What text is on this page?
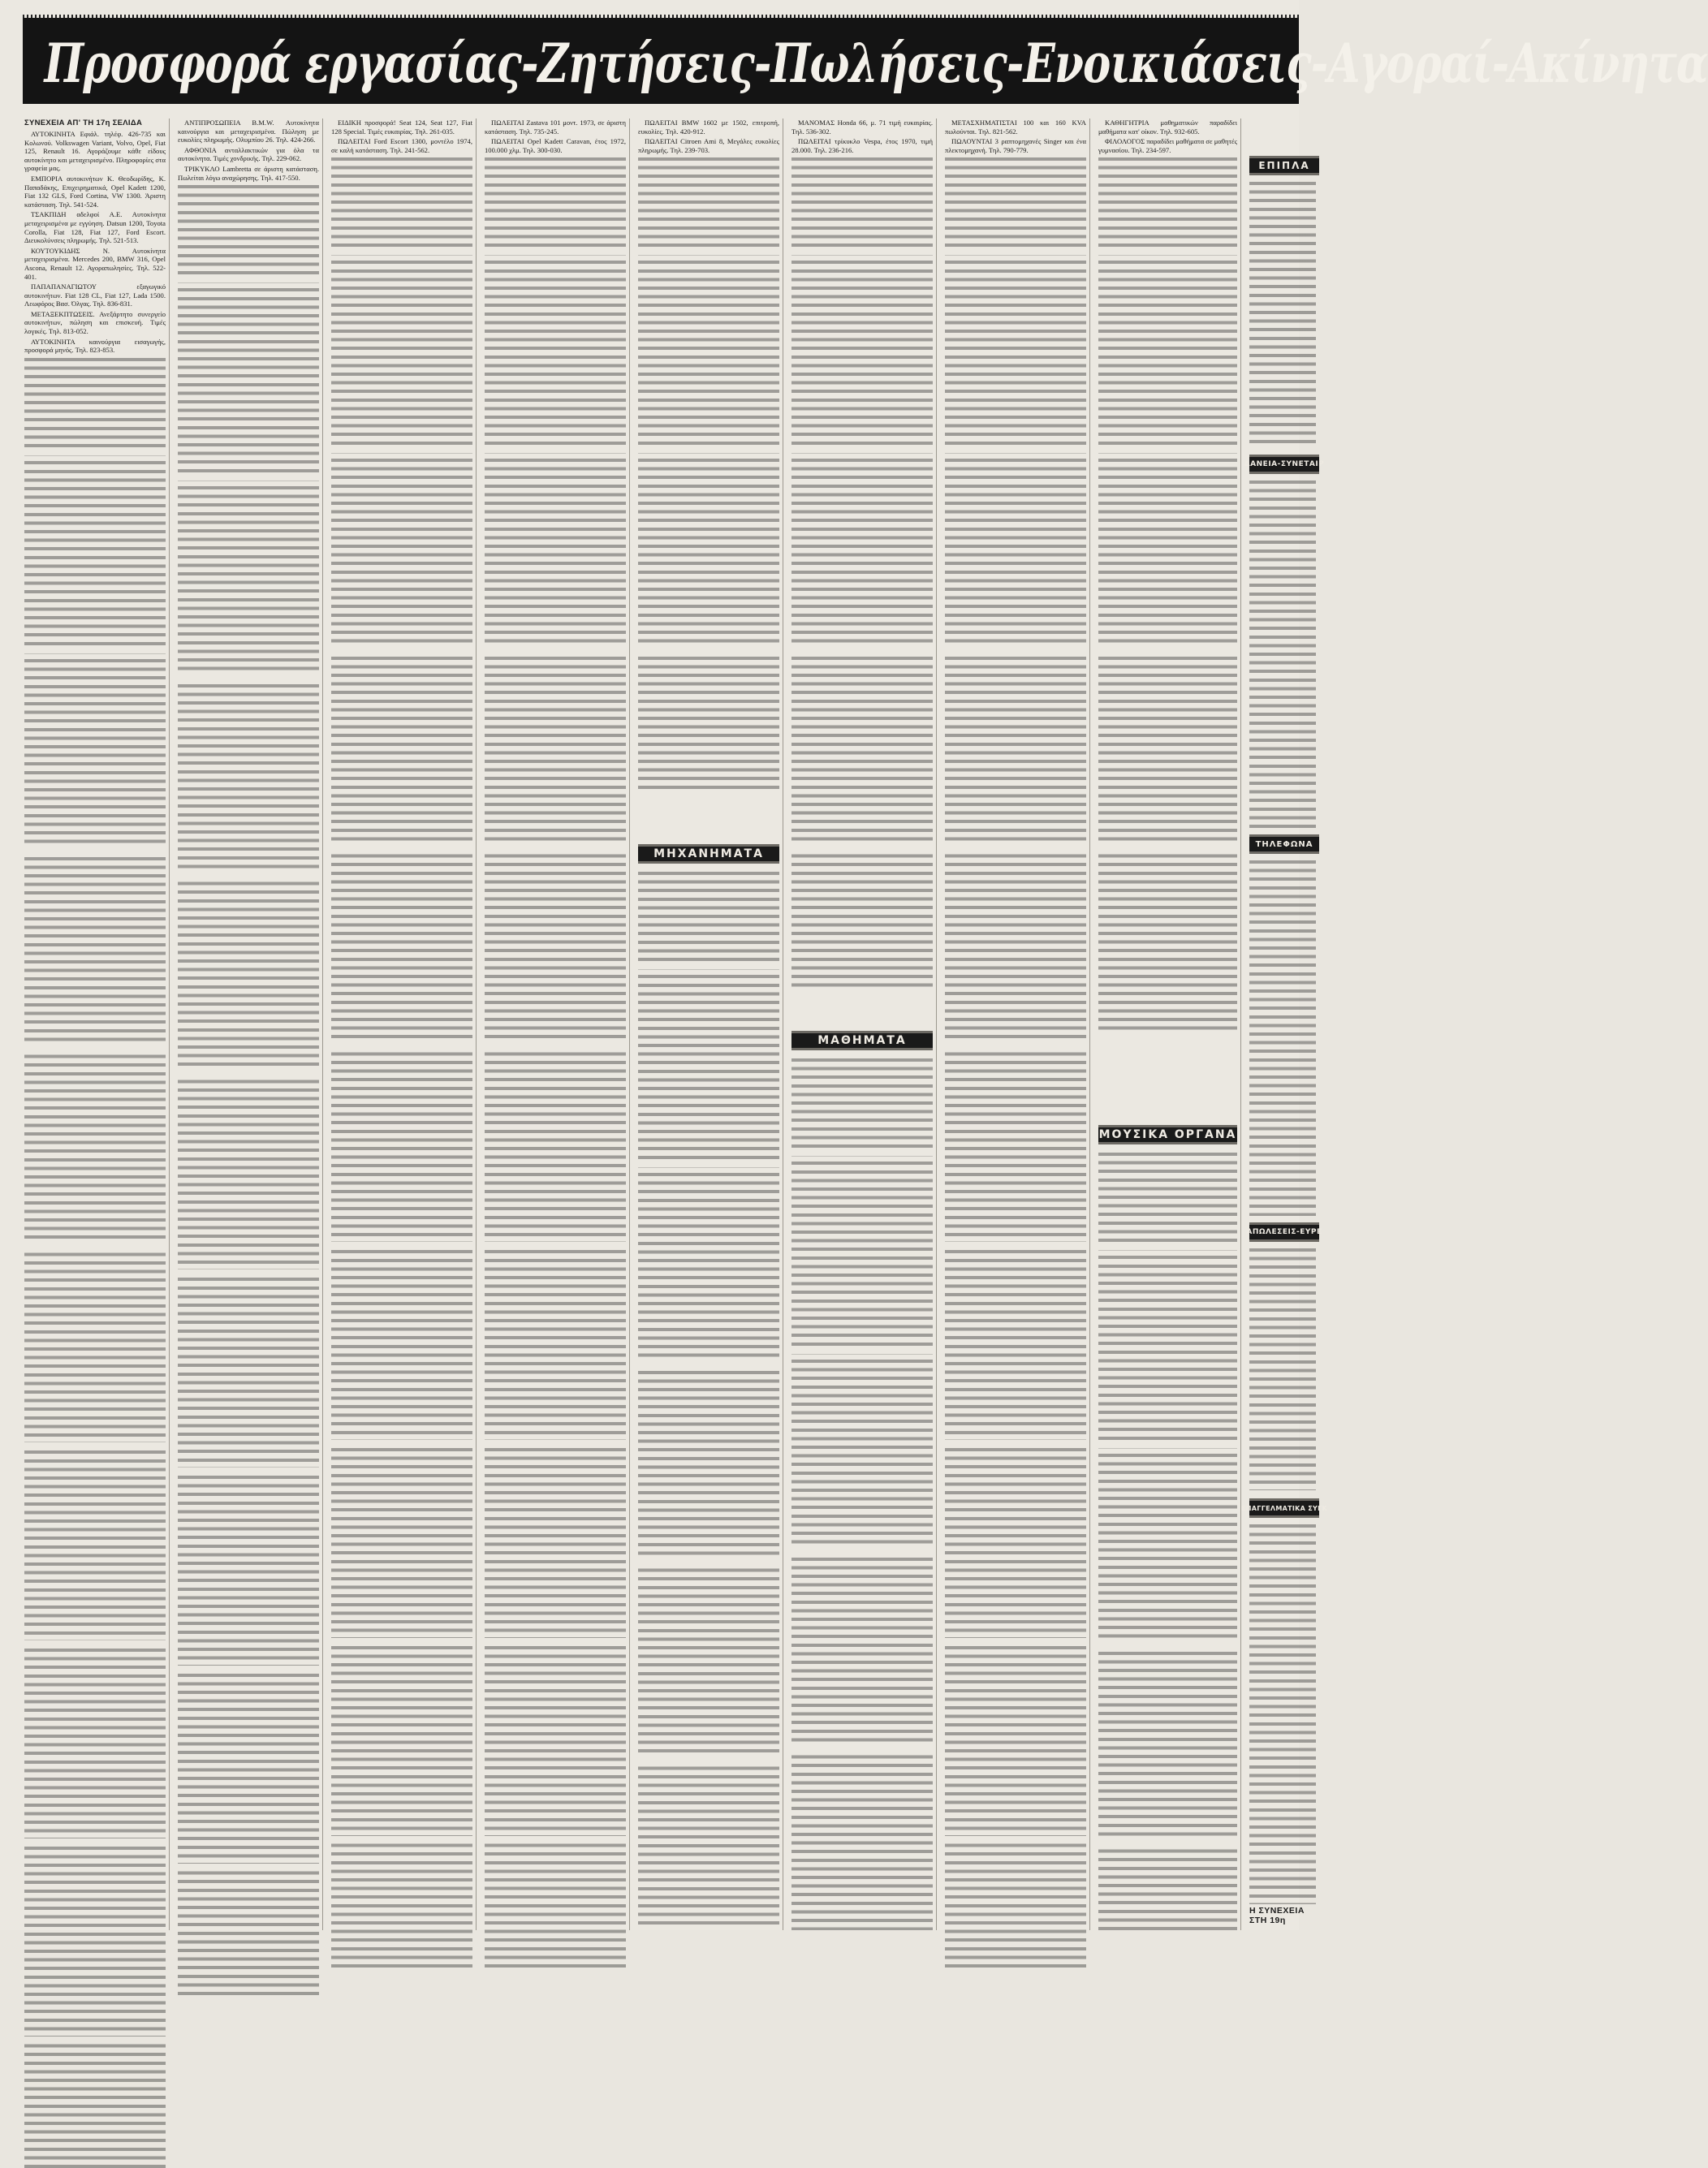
Προσφορά εργασίας-Ζητήσεις-Πωλήσεις-Ενοικιάσεις-Αγοραί-Ακίνητα

ΣΥΝΕΧΕΙΑ ΑΠ' ΤΗ 17η ΣΕΛΙΔΑ

ΑΥΤΟΚΙΝΗΤΑ Εφιάλ. τηλέφ. 426-735 και Κολωνού. Volkswagen Variant, Volvo, Opel, Fiat 125, Renault 16. Αγοράζουμε κάθε είδους αυτοκίνητο και μεταχειρισμένο. Πληροφορίες στα γραφεία μας.

ΕΜΠΟΡΙΑ αυτοκινήτων Κ. Θεοδωρίδης, Κ. Παπαδάκης, Επιχειρηματικά, Opel Kadett 1200, Fiat 132 GLS, Ford Cortina, VW 1300. Άριστη κατάσταση. Τηλ. 541-524.

ΤΣΑΚΠΙΔΗ αδελφοί Α.Ε. Αυτοκίνητα μεταχειρισμένα με εγγύηση. Datsun 1200, Toyota Corolla, Fiat 128, Fiat 127, Ford Escort. Διευκολύνσεις πληρωμής. Τηλ. 521-513.

ΚΟΥΤΟΥΚΙΔΗΣ Ν. Αυτοκίνητα μεταχειρισμένα. Mercedes 200, BMW 316, Opel Ascona, Renault 12. Αγοραπωλησίες. Τηλ. 522-401.

ΠΑΠΑΠΑΝΑΓΙΩΤΟΥ εξαγωγικό αυτοκινήτων. Fiat 128 CL, Fiat 127, Lada 1500. Λεωφόρος Βασ. Όλγας. Τηλ. 836-831.

ΜΕΤΑΞΕΚΠΤΩΣΕΙΣ. Ανεξάρτητο συνεργείο αυτοκινήτων, πώληση και επισκευή. Τιμές λογικές. Τηλ. 813-052.

ΑΥΤΟΚΙΝΗΤΑ καινούργια εισαγωγής, προσφορά μηνός. Τηλ. 823-853.

ΑΝΤΙΠΡΟΣΩΠΕΙΑ B.M.W. Αυτοκίνητα καινούργια και μεταχειρισμένα. Πώληση με ευκολίες πληρωμής. Ολυμπίου 26. Τηλ. 424-266.

ΑΦΘΟΝΙΑ ανταλλακτικών για όλα τα αυτοκίνητα. Τιμές χονδρικής. Τηλ. 229-062.

ΤΡΙΚΥΚΛΟ Lambretta σε άριστη κατάσταση. Πωλείται λόγω αναχώρησης. Τηλ. 417-550.

ΕΙΔΙΚΗ προσφορά! Seat 124, Seat 127, Fiat 128 Special. Τιμές ευκαιρίας. Τηλ. 261-035.

ΠΩΛΕΙΤΑΙ Ford Escort 1300, μοντέλο 1974, σε καλή κατάσταση. Τηλ. 241-562.

ΠΩΛΕΙΤΑΙ Zastava 101 μοντ. 1973, σε άριστη κατάσταση. Τηλ. 735-245.

ΠΩΛΕΙΤΑΙ Opel Kadett Caravan, έτος 1972, 100.000 χλμ. Τηλ. 300-030.

ΠΩΛΕΙΤΑΙ BMW 1602 με 1502, επιτροπή, ευκολίες. Τηλ. 420-912.

ΠΩΛΕΙΤΑΙ Citroen Ami 8, Μεγάλες ευκολίες πληρωμής. Τηλ. 239-703.

ΜΗΧΑΝΗΜΑΤΑ

ΜΑΝΟΜΑΣ Honda 66, μ. 71 τιμή ευκαιρίας. Τηλ. 536-302.

ΠΩΛΕΙΤΑΙ τρίκυκλο Vespa, έτος 1970, τιμή 28.000. Τηλ. 236-216.

ΜΑΘΗΜΑΤΑ

ΜΕΤΑΣΧΗΜΑΤΙΣΤΑΙ 100 και 160 KVA πωλούνται. Τηλ. 821-562.

ΠΩΛΟΥΝΤΑΙ 3 ραπτομηχανές Singer και ένα πλεκτομηχανή. Τηλ. 790-779.

ΚΑΘΗΓΗΤΡΙΑ μαθηματικών παραδίδει μαθήματα κατ' οίκον. Τηλ. 932-605.

ΦΙΛΟΛΟΓΟΣ παραδίδει μαθήματα σε μαθητές γυμνασίου. Τηλ. 234-597.

ΜΟΥΣΙΚΑ ΟΡΓΑΝΑ
ΕΠΙΠΛΑ
ΔΑΝΕΙΑ-ΣΥΝΕΤΑΙΡ
ΤΗΛΕΦΩΝΑ
ΑΠΩΛΕΣΕΙΣ-ΕΥΡΕ
ΕΠΑΓΓΕΛΜΑΤΙΚΑ ΣΥΓΚ
Η ΣΥΝΕΧΕΙΑ ΣΤΗ 19η
